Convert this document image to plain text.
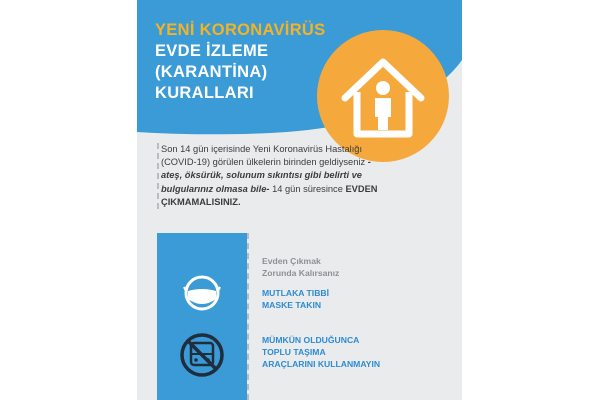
YENİ KORONAVİRÜS
EVDE İZLEME
(KARANTİNA)
KURALLARI

Son 14 gün içerisinde Yeni Koronavirüs Hastalığı (COVID-19) görülen ülkelerin birinden geldiyseniz -ateş, öksürük, solunum sıkıntısı gibi belirti ve bulgularınız olmasa bile- 14 gün süresince EVDEN ÇIKMAMALISINIZ.

Evden Çıkmak
Zorunda Kalırsanız

MUTLAKA TIBBİ
MASKE TAKIN

MÜMKÜN OLDUĞUNCA
TOPLU TAŞIMA
ARAÇLARINI KULLANMAYIN
